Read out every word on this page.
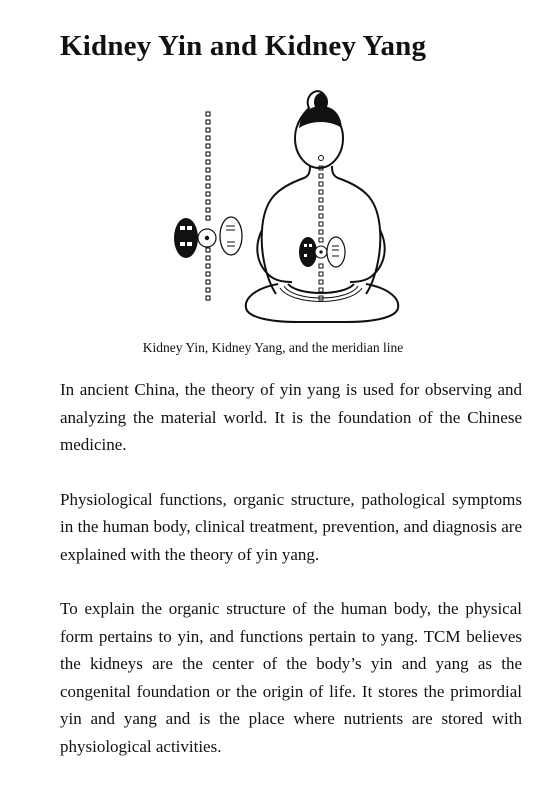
Kidney Yin and Kidney Yang
Kidney Yin, Kidney Yang, and the meridian line

In ancient China, the theory of yin yang is used for observing and analyzing the material world. It is the foundation of the Chinese medicine.

Physiological functions, organic structure, pathological symptoms in the human body, clinical treatment, prevention, and diagnosis are explained with the theory of yin yang.

To explain the organic structure of the human body, the physical form pertains to yin, and functions pertain to yang. TCM believes the kidneys are the center of the body’s yin and yang as the congenital foundation or the origin of life. It stores the primordial yin and yang and is the place where nutrients are stored with physiological activities.
